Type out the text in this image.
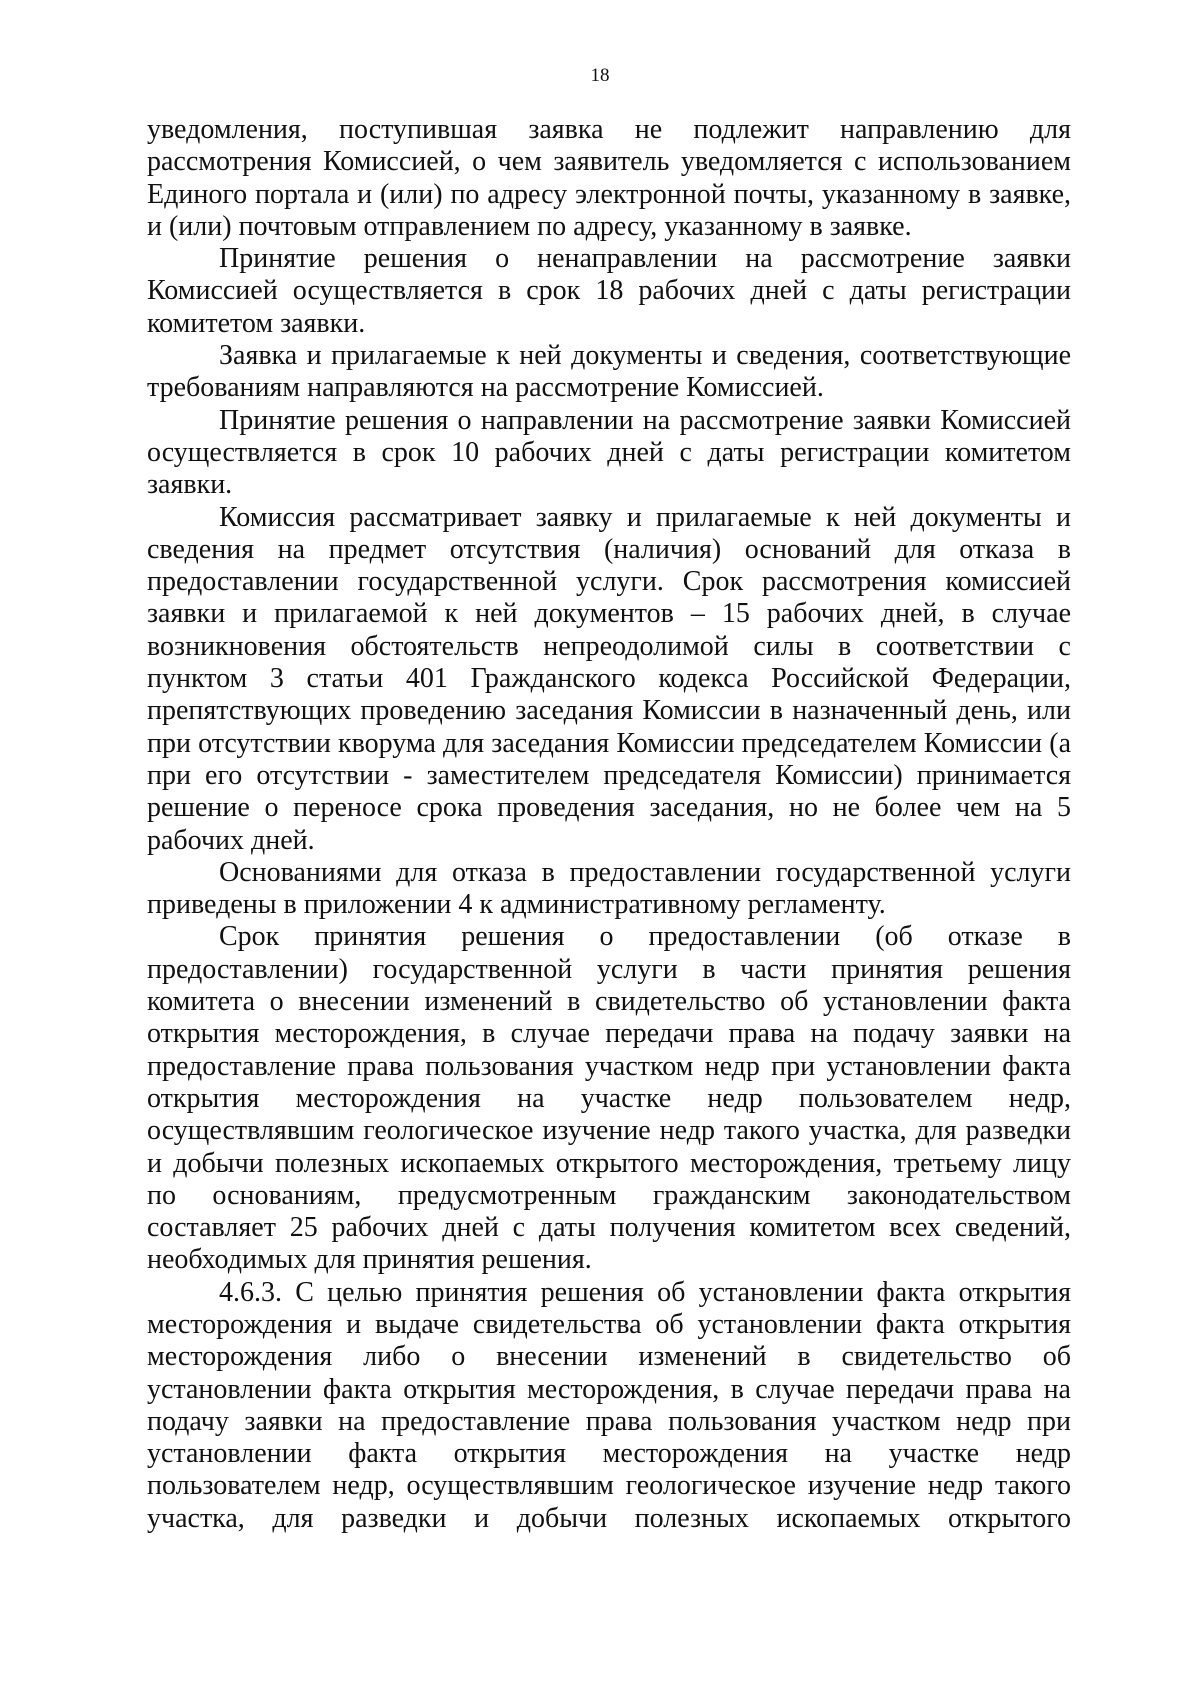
18

уведомления, поступившая заявка не подлежит направлению для рассмотрения Комиссией, о чем заявитель уведомляется с использованием Единого портала и (или) по адресу электронной почты, указанному в заявке, и (или) почтовым отправлением по адресу, указанному в заявке.

Принятие решения о ненаправлении на рассмотрение заявки Комиссией осуществляется в срок 18 рабочих дней с даты регистрации комитетом заявки.

Заявка и прилагаемые к ней документы и сведения, соответствующие требованиям направляются на рассмотрение Комиссией.

Принятие решения о направлении на рассмотрение заявки Комиссией осуществляется в срок 10 рабочих дней с даты регистрации комитетом заявки.

Комиссия рассматривает заявку и прилагаемые к ней документы и сведения на предмет отсутствия (наличия) оснований для отказа в предоставлении государственной услуги. Срок рассмотрения комиссией заявки и прилагаемой к ней документов – 15 рабочих дней, в случае возникновения обстоятельств непреодолимой силы в соответствии с пунктом 3 статьи 401 Гражданского кодекса Российской Федерации, препятствующих проведению заседания Комиссии в назначенный день, или при отсутствии кворума для заседания Комиссии председателем Комиссии (а при его отсутствии - заместителем председателя Комиссии) принимается решение о переносе срока проведения заседания, но не более чем на 5 рабочих дней.

Основаниями для отказа в предоставлении государственной услуги приведены в приложении 4 к административному регламенту.

Срок принятия решения о предоставлении (об отказе в предоставлении) государственной услуги в части принятия решения комитета о внесении изменений в свидетельство об установлении факта открытия месторождения, в случае передачи права на подачу заявки на предоставление права пользования участком недр при установлении факта открытия месторождения на участке недр пользователем недр, осуществлявшим геологическое изучение недр такого участка, для разведки и добычи полезных ископаемых открытого месторождения, третьему лицу по основаниям, предусмотренным гражданским законодательством составляет 25 рабочих дней с даты получения комитетом всех сведений, необходимых для принятия решения.

4.6.3. С целью принятия решения об установлении факта открытия месторождения и выдаче свидетельства об установлении факта открытия месторождения либо о внесении изменений в свидетельство об установлении факта открытия месторождения, в случае передачи права на подачу заявки на предоставление права пользования участком недр при установлении факта открытия месторождения на участке недр пользователем недр, осуществлявшим геологическое изучение недр такого участка, для разведки и добычи полезных ископаемых открытого
